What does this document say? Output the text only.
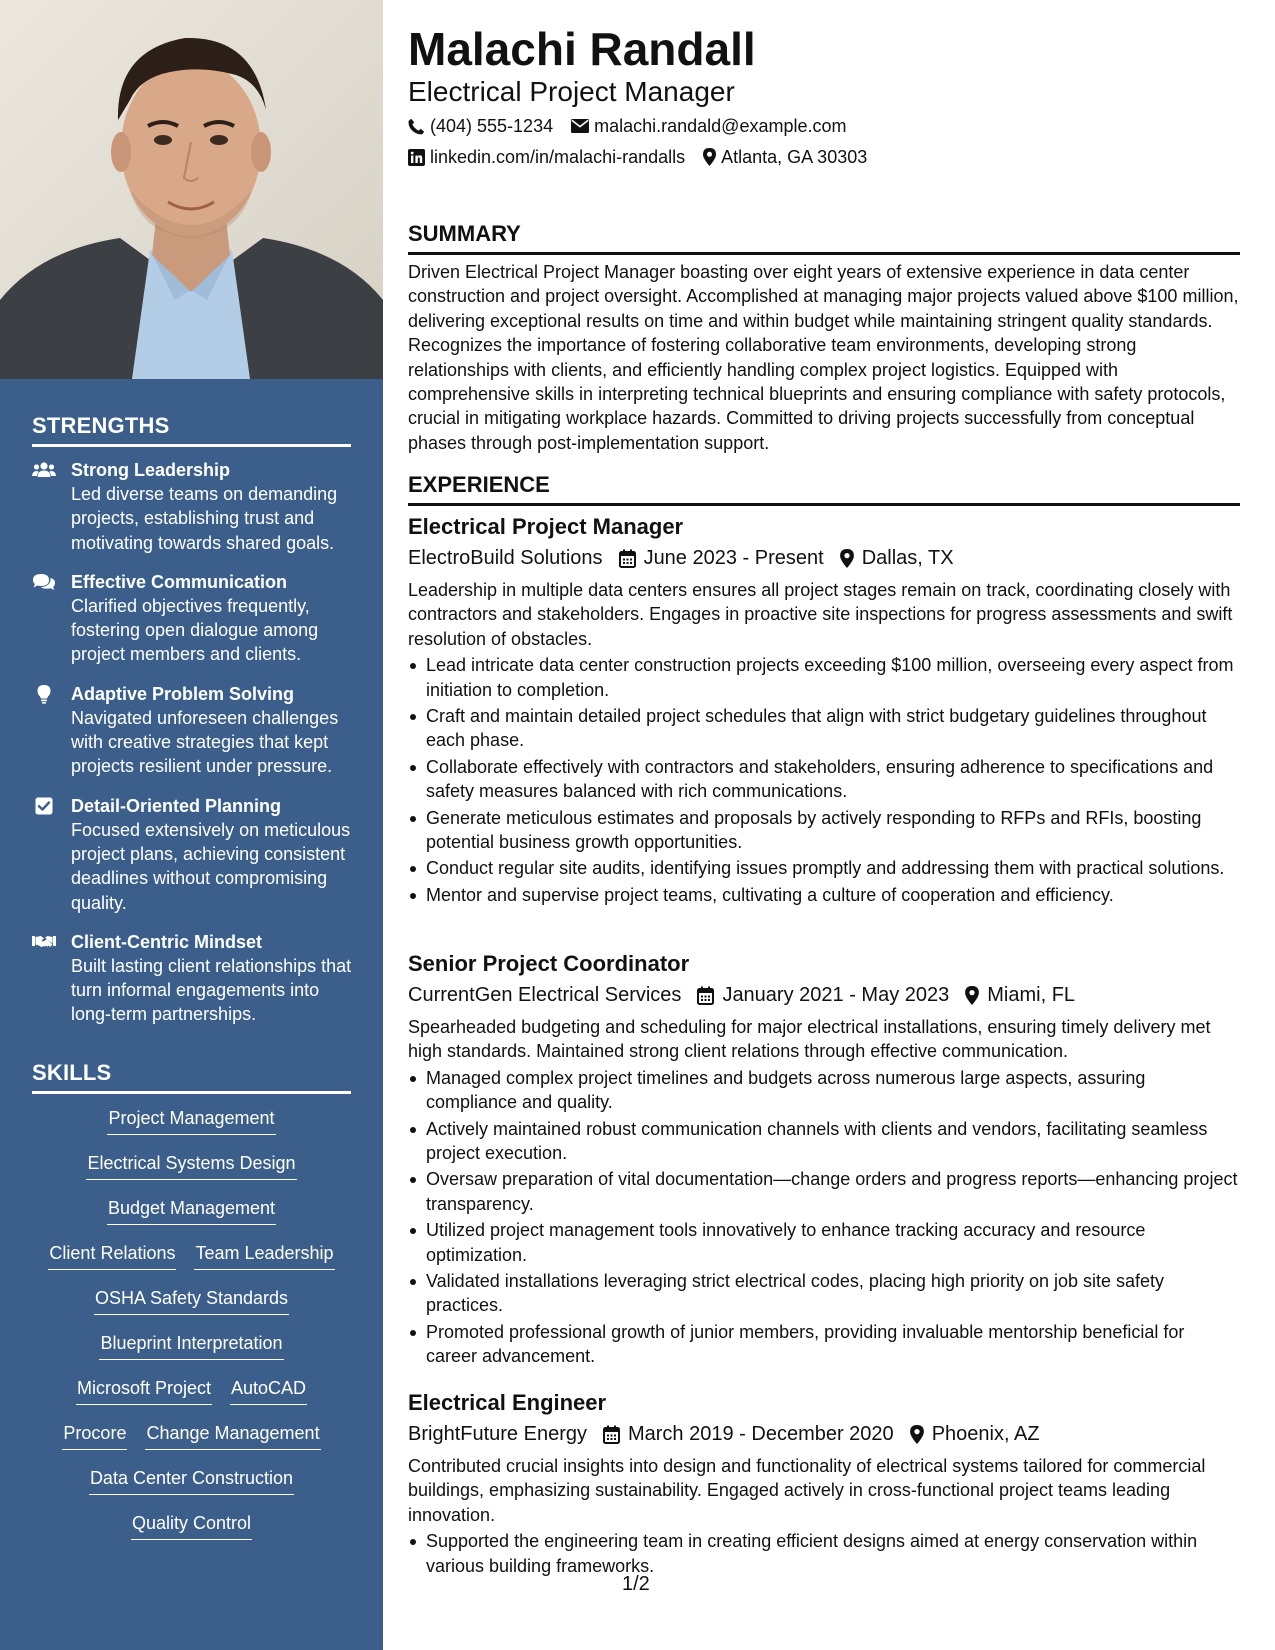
STRENGTHS
Strong Leadership
Led diverse teams on demanding projects, establishing trust and motivating towards shared goals.
Effective Communication
Clarified objectives frequently, fostering open dialogue among project members and clients.
Adaptive Problem Solving
Navigated unforeseen challenges with creative strategies that kept projects resilient under pressure.
Detail-Oriented Planning
Focused extensively on meticulous project plans, achieving consistent deadlines without compromising quality.
Client-Centric Mindset
Built lasting client relationships that turn informal engagements into long-term partnerships.
SKILLS
Project Management
Electrical Systems Design
Budget Management
Client Relations Team Leadership
OSHA Safety Standards
Blueprint Interpretation
Microsoft Project AutoCAD
Procore Change Management
Data Center Construction
Quality Control
Malachi Randall
Electrical Project Manager
(404) 555-1234 malachi.randald@example.com
linkedin.com/in/malachi-randalls Atlanta, GA 30303
SUMMARY
Driven Electrical Project Manager boasting over eight years of extensive experience in data center construction and project oversight. Accomplished at managing major projects valued above $100 million, delivering exceptional results on time and within budget while maintaining stringent quality standards. Recognizes the importance of fostering collaborative team environments, developing strong relationships with clients, and efficiently handling complex project logistics. Equipped with comprehensive skills in interpreting technical blueprints and ensuring compliance with safety protocols, crucial in mitigating workplace hazards. Committed to driving projects successfully from conceptual phases through post-implementation support.
EXPERIENCE
Electrical Project Manager
ElectroBuild Solutions June 2023 - Present Dallas, TX
Leadership in multiple data centers ensures all project stages remain on track, coordinating closely with contractors and stakeholders. Engages in proactive site inspections for progress assessments and swift resolution of obstacles.
Lead intricate data center construction projects exceeding $100 million, overseeing every aspect from initiation to completion.
Craft and maintain detailed project schedules that align with strict budgetary guidelines throughout each phase.
Collaborate effectively with contractors and stakeholders, ensuring adherence to specifications and safety measures balanced with rich communications.
Generate meticulous estimates and proposals by actively responding to RFPs and RFIs, boosting potential business growth opportunities.
Conduct regular site audits, identifying issues promptly and addressing them with practical solutions.
Mentor and supervise project teams, cultivating a culture of cooperation and efficiency.
Senior Project Coordinator
CurrentGen Electrical Services January 2021 - May 2023 Miami, FL
Spearheaded budgeting and scheduling for major electrical installations, ensuring timely delivery met high standards. Maintained strong client relations through effective communication.
Managed complex project timelines and budgets across numerous large aspects, assuring compliance and quality.
Actively maintained robust communication channels with clients and vendors, facilitating seamless project execution.
Oversaw preparation of vital documentation—change orders and progress reports—enhancing project transparency.
Utilized project management tools innovatively to enhance tracking accuracy and resource optimization.
Validated installations leveraging strict electrical codes, placing high priority on job site safety practices.
Promoted professional growth of junior members, providing invaluable mentorship beneficial for career advancement.
Electrical Engineer
BrightFuture Energy March 2019 - December 2020 Phoenix, AZ
Contributed crucial insights into design and functionality of electrical systems tailored for commercial buildings, emphasizing sustainability. Engaged actively in cross-functional project teams leading innovation.
Supported the engineering team in creating efficient designs aimed at energy conservation within various building frameworks.
1/2
